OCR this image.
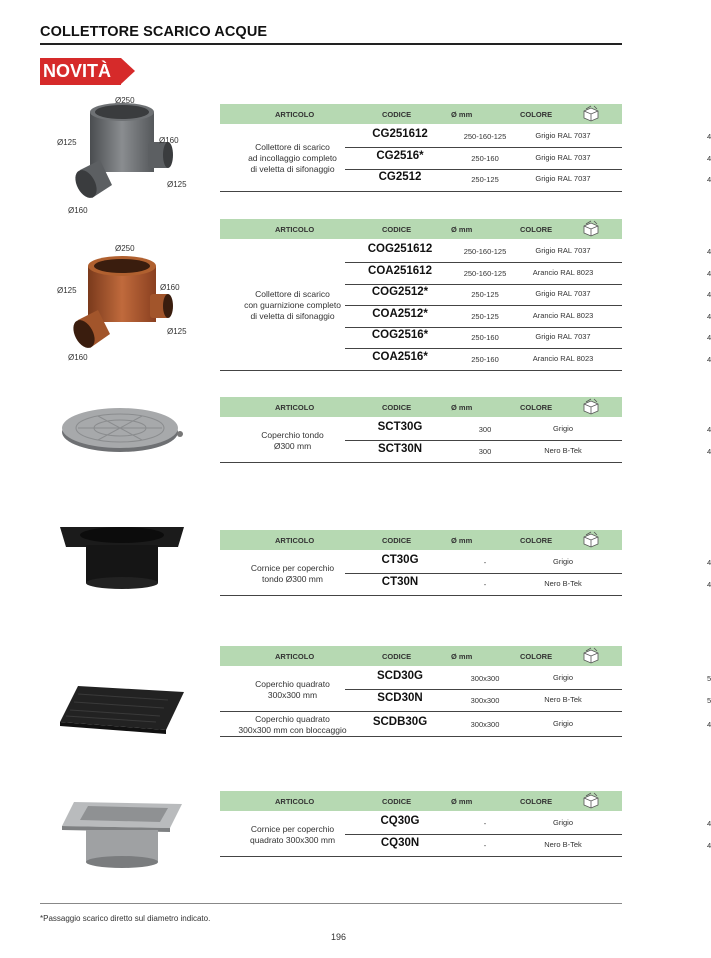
COLLETTORE SCARICO ACQUE
NOVITÀ
Ø250
Ø125	Ø160
Ø125
Ø160
Ø250
Ø125	Ø160
Ø125
Ø160
ARTICOLO	CODICE	Ø mm	COLORE
CG251612	250-160-125	Grigio RAL 7037	4
CG2516*	250-160	Grigio RAL 7037	4
CG2512	250-125	Grigio RAL 7037	4
Collettore di scarico
ad incollaggio completo
di veletta di sifonaggio
ARTICOLO	CODICE	Ø mm	COLORE
COG251612	250-160-125	Grigio RAL 7037	4
COA251612	250-160-125	Arancio RAL 8023	4
COG2512*	250-125	Grigio RAL 7037	4
COA2512*	250-125	Arancio RAL 8023	4
COG2516*	250-160	Grigio RAL 7037	4
COA2516*	250-160	Arancio RAL 8023	4
Collettore di scarico
con guarnizione completo
di veletta di sifonaggio
ARTICOLO	CODICE	Ø mm	COLORE
SCT30G	300	Grigio	4
SCT30N	300	Nero B-Tek	4
Coperchio tondo
Ø300 mm
ARTICOLO	CODICE	Ø mm	COLORE
CT30G	-	Grigio	4
CT30N	-	Nero B-Tek	4
Cornice per coperchio
tondo Ø300 mm
ARTICOLO	CODICE	Ø mm	COLORE
SCD30G	300x300	Grigio	5
SCD30N	300x300	Nero B-Tek	5
Coperchio quadrato
300x300 mm
SCDB30G	300x300	Grigio	4
Coperchio quadrato
300x300 mm con bloccaggio
ARTICOLO	CODICE	Ø mm	COLORE
CQ30G	-	Grigio	4
CQ30N	-	Nero B-Tek	4
Cornice per coperchio
quadrato 300x300 mm
*Passaggio scarico diretto sul diametro indicato.
196
